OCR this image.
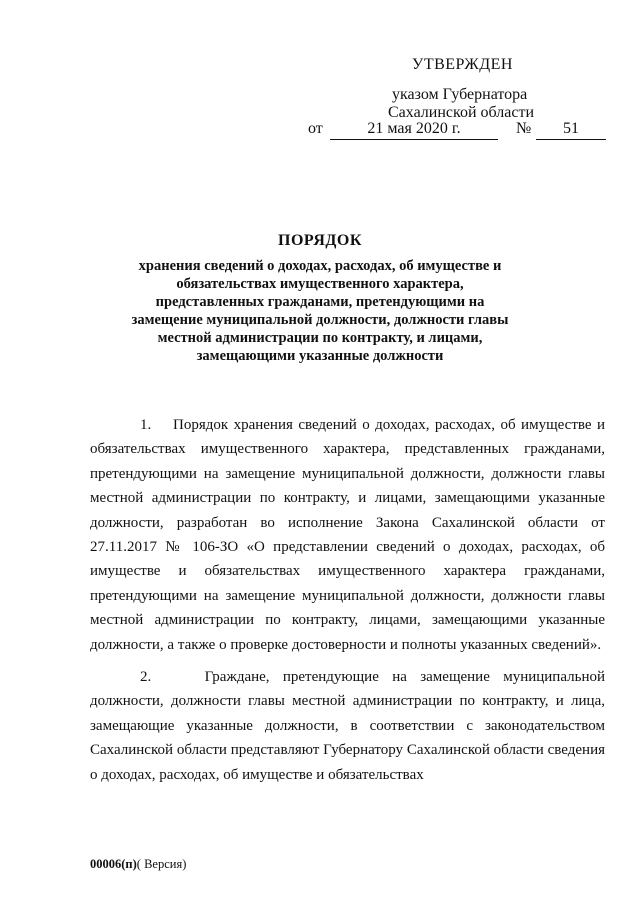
УТВЕРЖДЕН
указом Губернатора
Сахалинской области
от	21 мая 2020 г.	№	51
ПОРЯДОК
хранения сведений о доходах, расходах, об имуществе и обязательствах имущественного характера, представленных гражданами, претендующими на замещение муниципальной должности, должности главы местной администрации по контракту, и лицами, замещающими указанные должности

1.    Порядок хранения сведений о доходах, расходах, об имуществе и обязательствах имущественного характера, представленных гражданами, претендующими на замещение муниципальной должности, должности главы местной администрации по контракту, и лицами, замещающими указанные должности, разработан во исполнение Закона Сахалинской области от 27.11.2017 № 106-ЗО «О представлении сведений о доходах, расходах, об имуществе и обязательствах имущественного характера гражданами, претендующими на замещение муниципальной должности, должности главы местной администрации по контракту, лицами, замещающими указанные должности, а также о проверке достоверности и полноты указанных сведений».

2.    Граждане, претендующие на замещение муниципальной должности, должности главы местной администрации по контракту, и лица, замещающие указанные должности, в соответствии с законодательством Сахалинской области представляют Губернатору Сахалинской области сведения о доходах, расходах, об имуществе и обязательствах

00006(п)( Версия)
